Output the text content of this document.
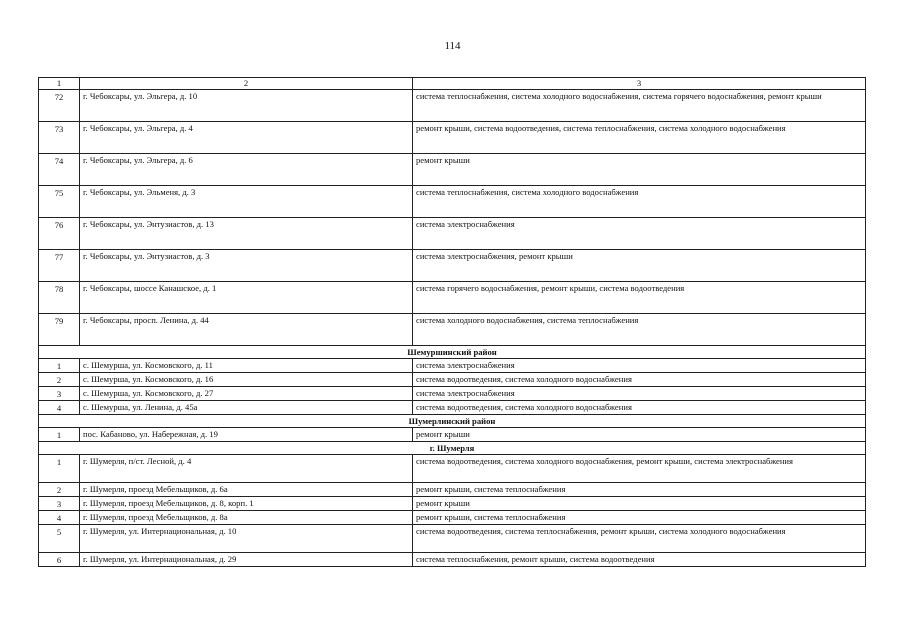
114
1	2	3
72	г. Чебоксары, ул. Эльгера, д. 10	система теплоснабжения, система холодного водоснабжения, система горячего водоснабжения, ремонт крыши
73	г. Чебоксары, ул. Эльгера, д. 4	ремонт крыши, система водоотведения, система теплоснабжения, система холодного водоснабжения
74	г. Чебоксары, ул. Эльгера, д. 6	ремонт крыши
75	г. Чебоксары, ул. Эльменя, д. 3	система теплоснабжения, система холодного водоснабжения
76	г. Чебоксары, ул. Энтузиастов, д. 13	система электроснабжения
77	г. Чебоксары, ул. Энтузиастов, д. 3	система электроснабжения, ремонт крыши
78	г. Чебоксары, шоссе Канашское, д. 1	система горячего водоснабжения, ремонт крыши, система водоотведения
79	г. Чебоксары, просп. Ленина, д. 44	система холодного водоснабжения, система теплоснабжения
Шемуршинский район		
1	с. Шемурша, ул. Космовского, д. 11	система электроснабжения
2	с. Шемурша, ул. Космовского, д. 16	система водоотведения, система холодного водоснабжения
3	с. Шемурша, ул. Космовского, д. 27	система электроснабжения
4	с. Шемурша, ул. Ленина, д. 45а	система водоотведения, система холодного водоснабжения
Шумерлинский район		
1	пос. Кабаново, ул. Набережная, д. 19	ремонт крыши
г. Шумерля		
1	г. Шумерля, п/ст. Лесной, д. 4	система водоотведения, система холодного водоснабжения, ремонт крыши, система электроснабжения
2	г. Шумерля, проезд Мебельщиков, д. 6а	ремонт крыши, система теплоснабжения
3	г. Шумерля, проезд Мебельщиков, д. 8, корп. 1	ремонт крыши
4	г. Шумерля, проезд Мебельщиков, д. 8а	ремонт крыши, система теплоснабжения
5	г. Шумерля, ул. Интернациональная, д. 10	система водоотведения, система теплоснабжения, ремонт крыши, система холодного водоснабжения
6	г. Шумерля, ул. Интернациональная, д. 29	система теплоснабжения, ремонт крыши, система водоотведения
